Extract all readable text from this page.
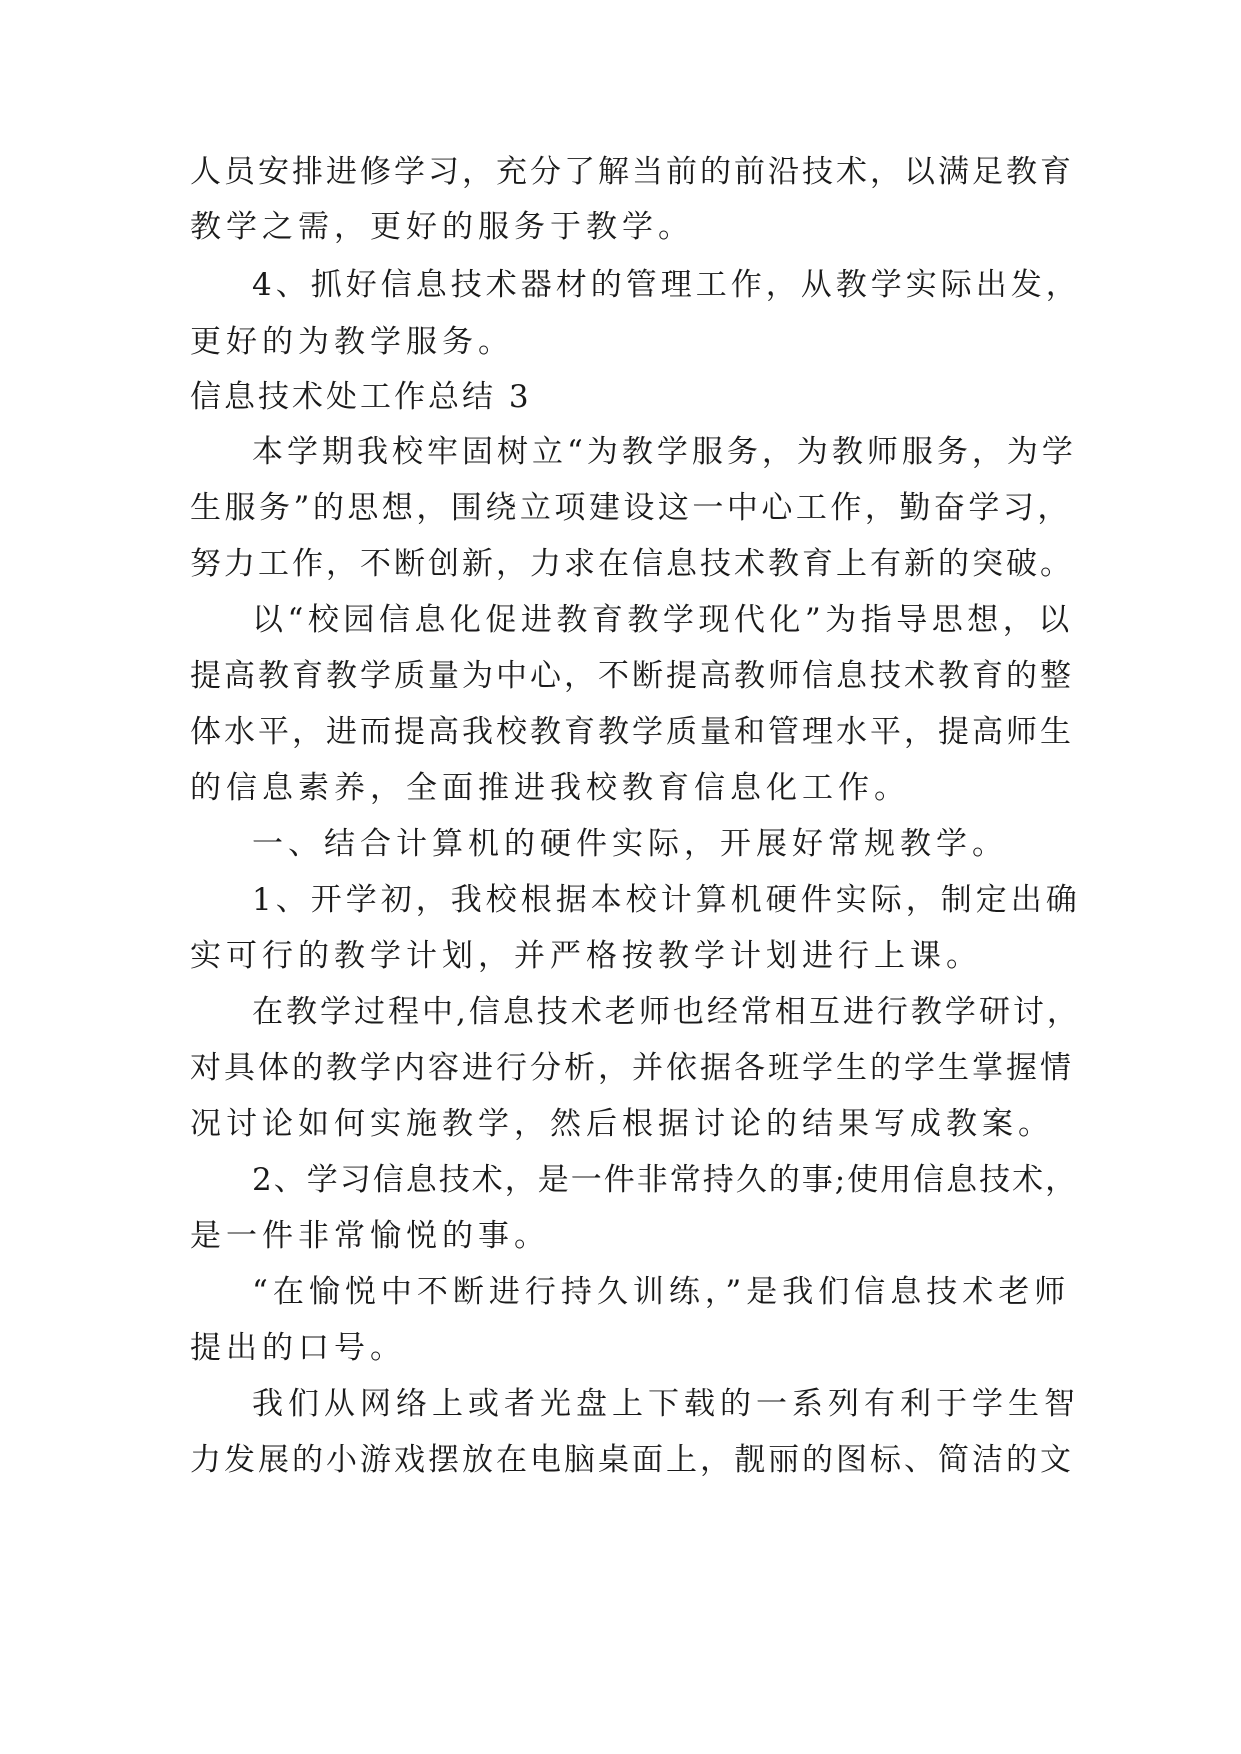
人员安排进修学习，充分了解当前的前沿技术，以满足教育
教学之需，更好的服务于教学。
4、抓好信息技术器材的管理工作，从教学实际出发，
更好的为教学服务。
信息技术处工作总结 3
本学期我校牢固树立“为教学服务，为教师服务，为学
生服务”的思想，围绕立项建设这一中心工作，勤奋学习，
努力工作，不断创新，力求在信息技术教育上有新的突破。
以“校园信息化促进教育教学现代化”为指导思想，以
提高教育教学质量为中心，不断提高教师信息技术教育的整
体水平，进而提高我校教育教学质量和管理水平，提高师生
的信息素养，全面推进我校教育信息化工作。
一、结合计算机的硬件实际，开展好常规教学。
1、开学初，我校根据本校计算机硬件实际，制定出确
实可行的教学计划，并严格按教学计划进行上课。
在教学过程中,信息技术老师也经常相互进行教学研讨，
对具体的教学内容进行分析，并依据各班学生的学生掌握情
况讨论如何实施教学，然后根据讨论的结果写成教案。
2、学习信息技术，是一件非常持久的事;使用信息技术，
是一件非常愉悦的事。
“在愉悦中不断进行持久训练，”是我们信息技术老师
提出的口号。
我们从网络上或者光盘上下载的一系列有利于学生智
力发展的小游戏摆放在电脑桌面上，靓丽的图标、简洁的文
